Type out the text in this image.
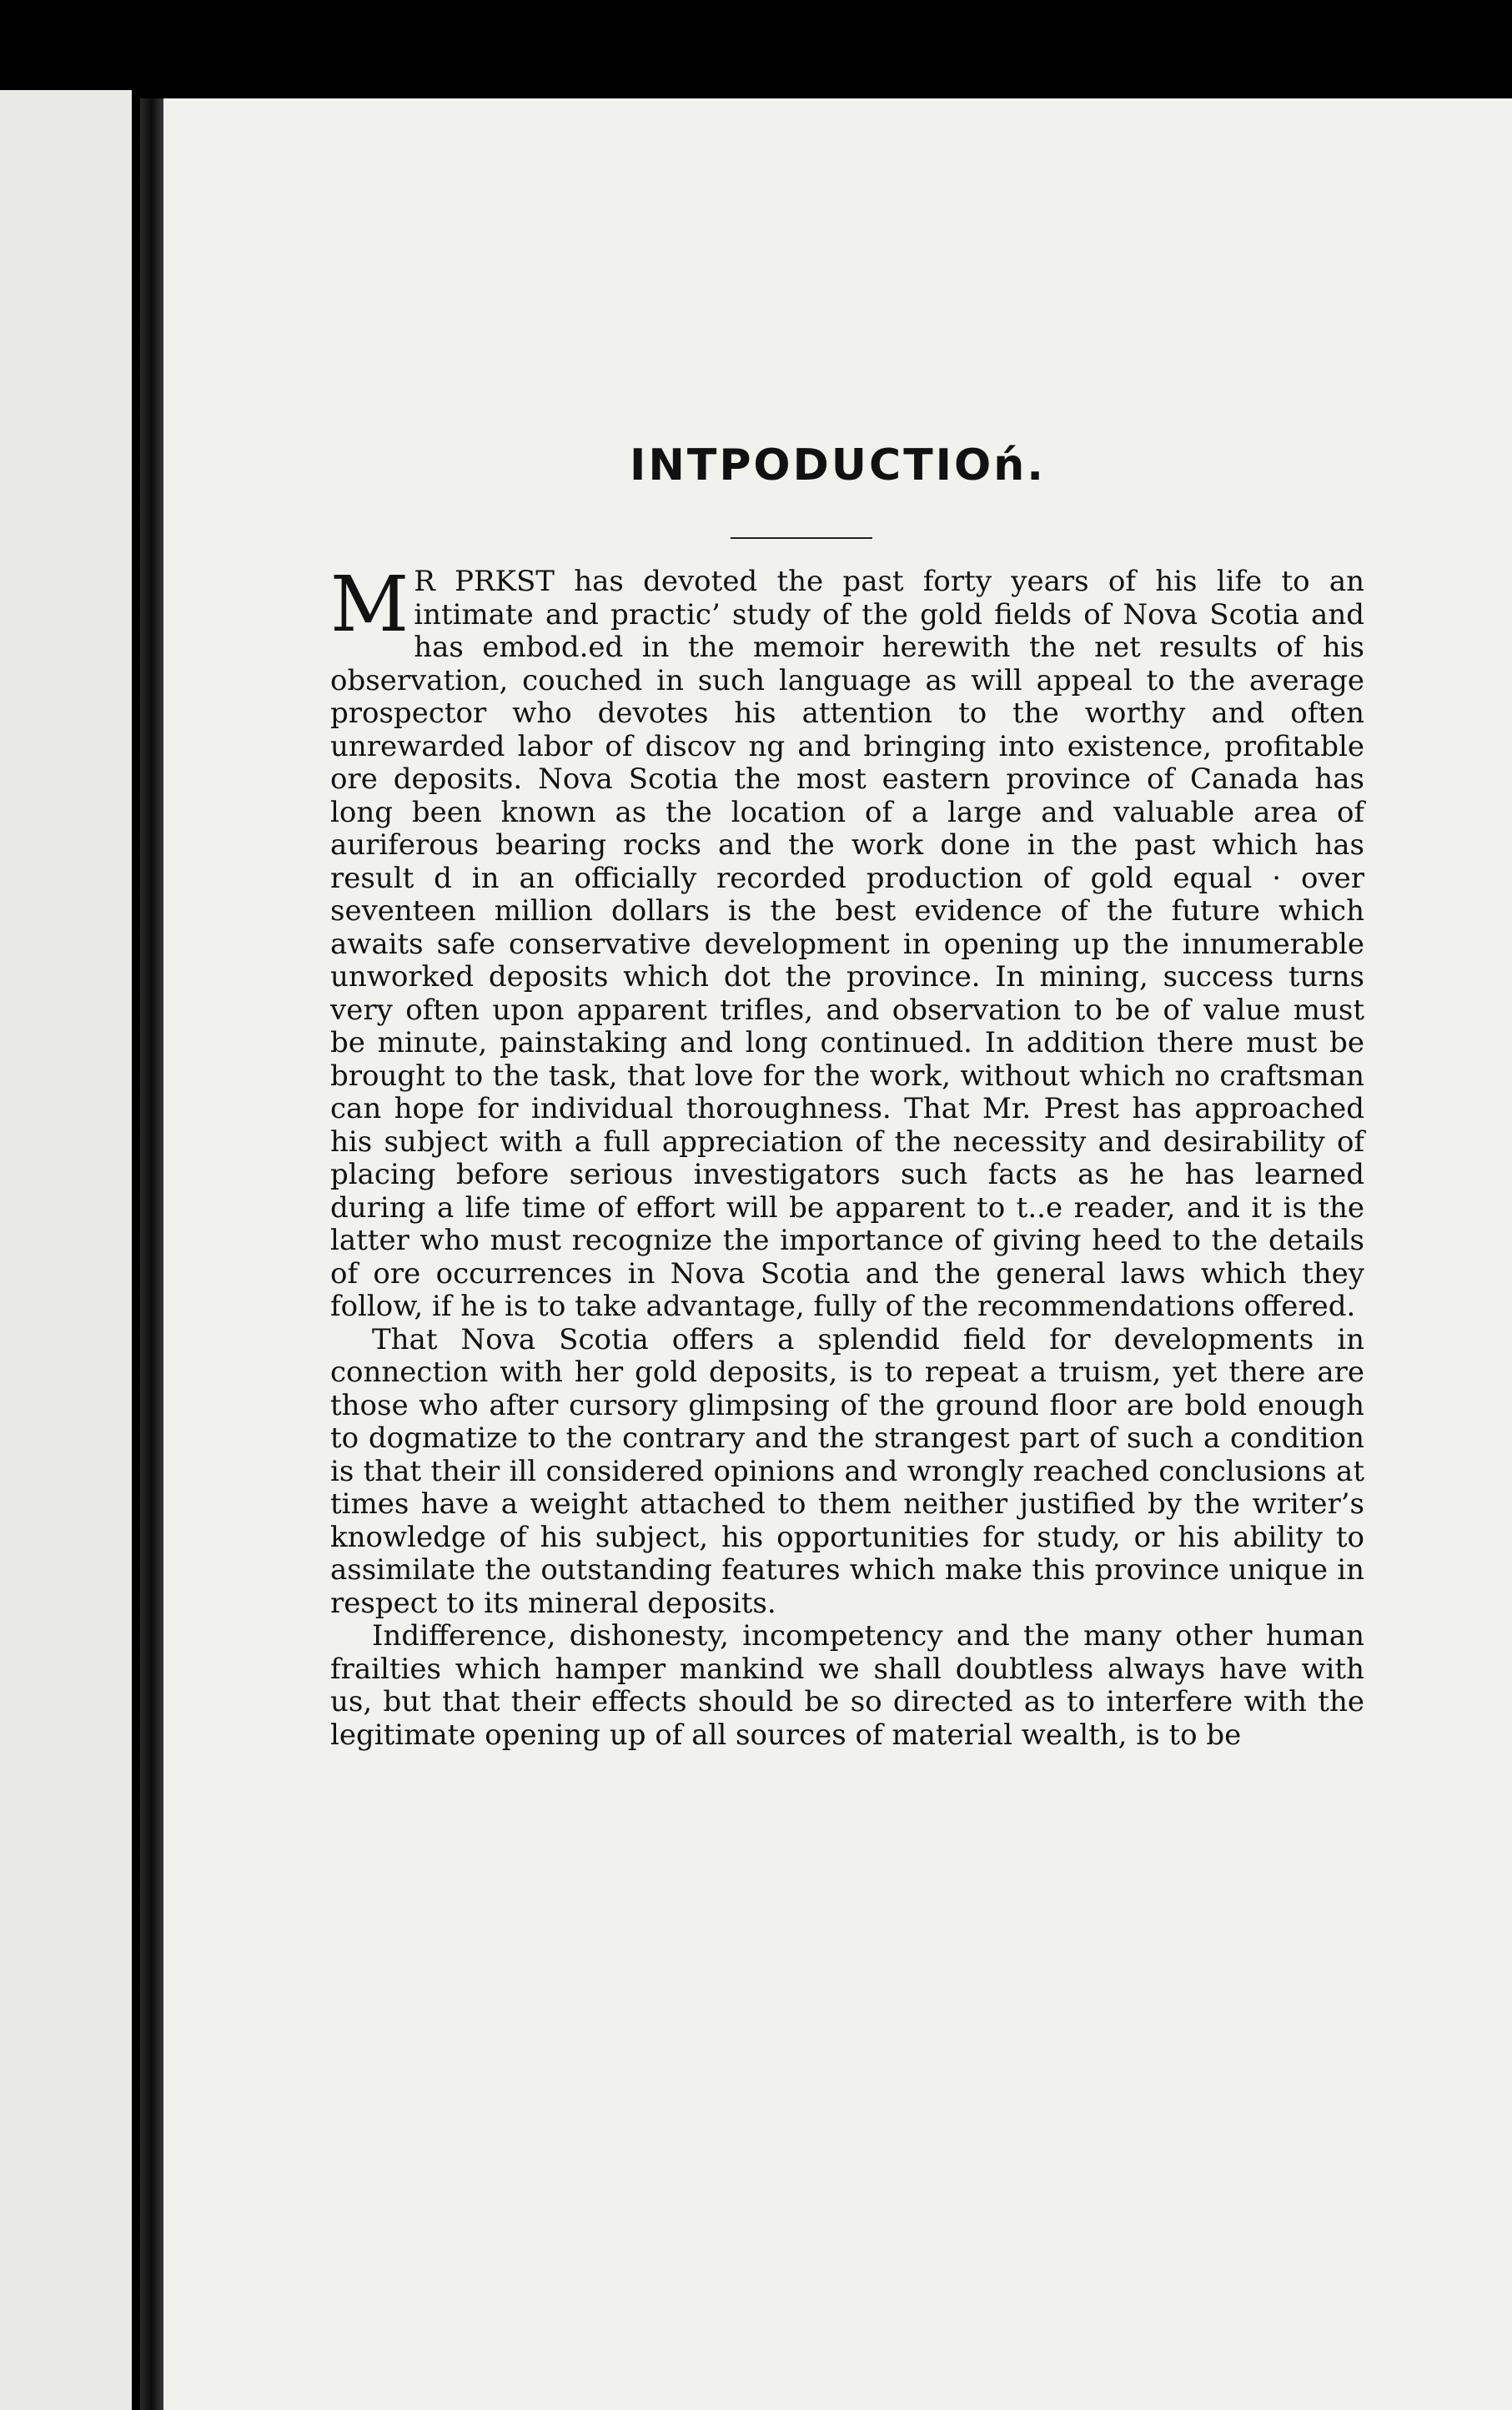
INTPODUCTIOń.

MR PRKST has devoted the past forty years of his life to an intimate and practic’ study of the gold fields of Nova Scotia and has embod.ed in the memoir herewith the net results of his observation, couched in such language as will appeal to the average prospector who devotes his attention to the worthy and often unrewarded labor of discov ng and bringing into existence, profitable ore deposits. Nova Scotia the most eastern province of Canada has long been known as the location of a large and valuable area of auriferous bearing rocks and the work done in the past which has result d in an officially recorded production of gold equal · over seventeen million dollars is the best evidence of the future which awaits safe conservative development in opening up the innumerable unworked deposits which dot the province. In mining, success turns very often upon apparent trifles, and observation to be of value must be minute, painstaking and long continued. In addition there must be brought to the task, that love for the work, without which no craftsman can hope for individual thoroughness. That Mr. Prest has approached his subject with a full appreciation of the necessity and desirability of placing before serious investigators such facts as he has learned during a life time of effort will be apparent to t..e reader, and it is the latter who must recognize the importance of giving heed to the details of ore occurrences in Nova Scotia and the general laws which they follow, if he is to take advantage, fully of the recommendations offered.

That Nova Scotia offers a splendid field for developments in connection with her gold deposits, is to repeat a truism, yet there are those who after cursory glimpsing of the ground floor are bold enough to dogmatize to the contrary and the strangest part of such a condition is that their ill considered opinions and wrongly reached conclusions at times have a weight attached to them neither justified by the writer’s knowledge of his subject, his opportunities for study, or his ability to assimilate the outstanding features which make this province unique in respect to its mineral deposits.

Indifference, dishonesty, incompetency and the many other human frailties which hamper mankind we shall doubtless always have with us, but that their effects should be so directed as to interfere with the legitimate opening up of all sources of material wealth, is to be
